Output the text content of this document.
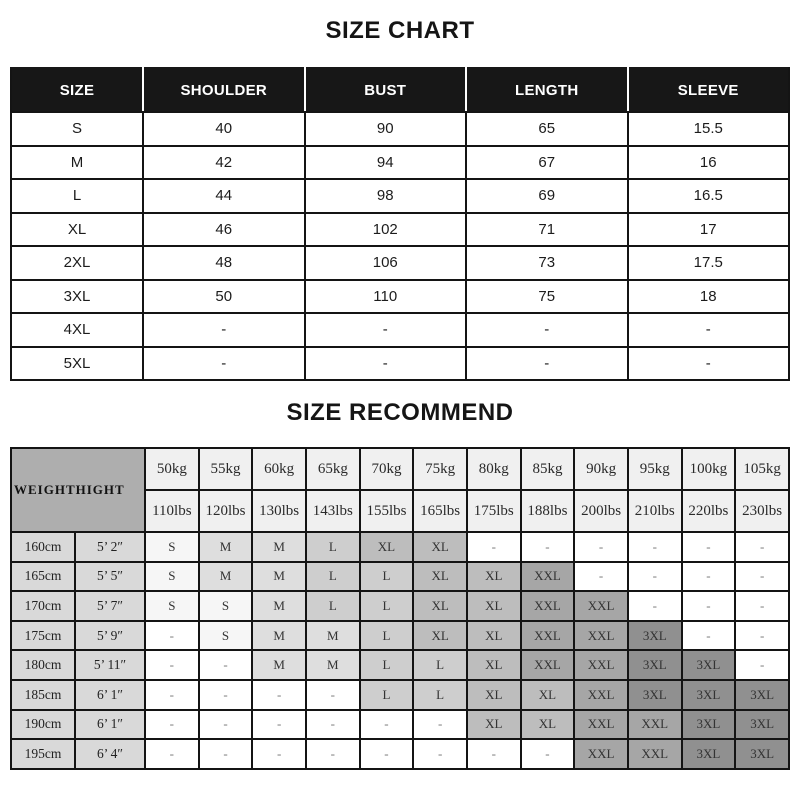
SIZE CHART
SIZE	SHOULDER	BUST	LENGTH	SLEEVE
S	40	90	65	15.5
M	42	94	67	16
L	44	98	69	16.5
XL	46	102	71	17
2XL	48	106	73	17.5
3XL	50	110	75	18
4XL	-	-	-	-
5XL	-	-	-	-
SIZE RECOMMEND
WEIGHT HIGHT		50kg	55kg	60kg	65kg	70kg	75kg	80kg	85kg	90kg	95kg	100kg	105kg
		110lbs	120lbs	130lbs	143lbs	155lbs	165lbs	175lbs	188lbs	200lbs	210lbs	220lbs	230lbs
160cm	5’ 2″	S	M	M	L	XL	XL	-	-	-	-	-	-
165cm	5’ 5″	S	M	M	L	L	XL	XL	XXL	-	-	-	-
170cm	5’ 7″	S	S	M	L	L	XL	XL	XXL	XXL	-	-	-
175cm	5’ 9″	-	S	M	M	L	XL	XL	XXL	XXL	3XL	-	-
180cm	5’ 11″	-	-	M	M	L	L	XL	XXL	XXL	3XL	3XL	-
185cm	6’ 1″	-	-	-	-	L	L	XL	XL	XXL	3XL	3XL	3XL
190cm	6’ 1″	-	-	-	-	-	-	XL	XL	XXL	XXL	3XL	3XL
195cm	6’ 4″	-	-	-	-	-	-	-	-	XXL	XXL	3XL	3XL
